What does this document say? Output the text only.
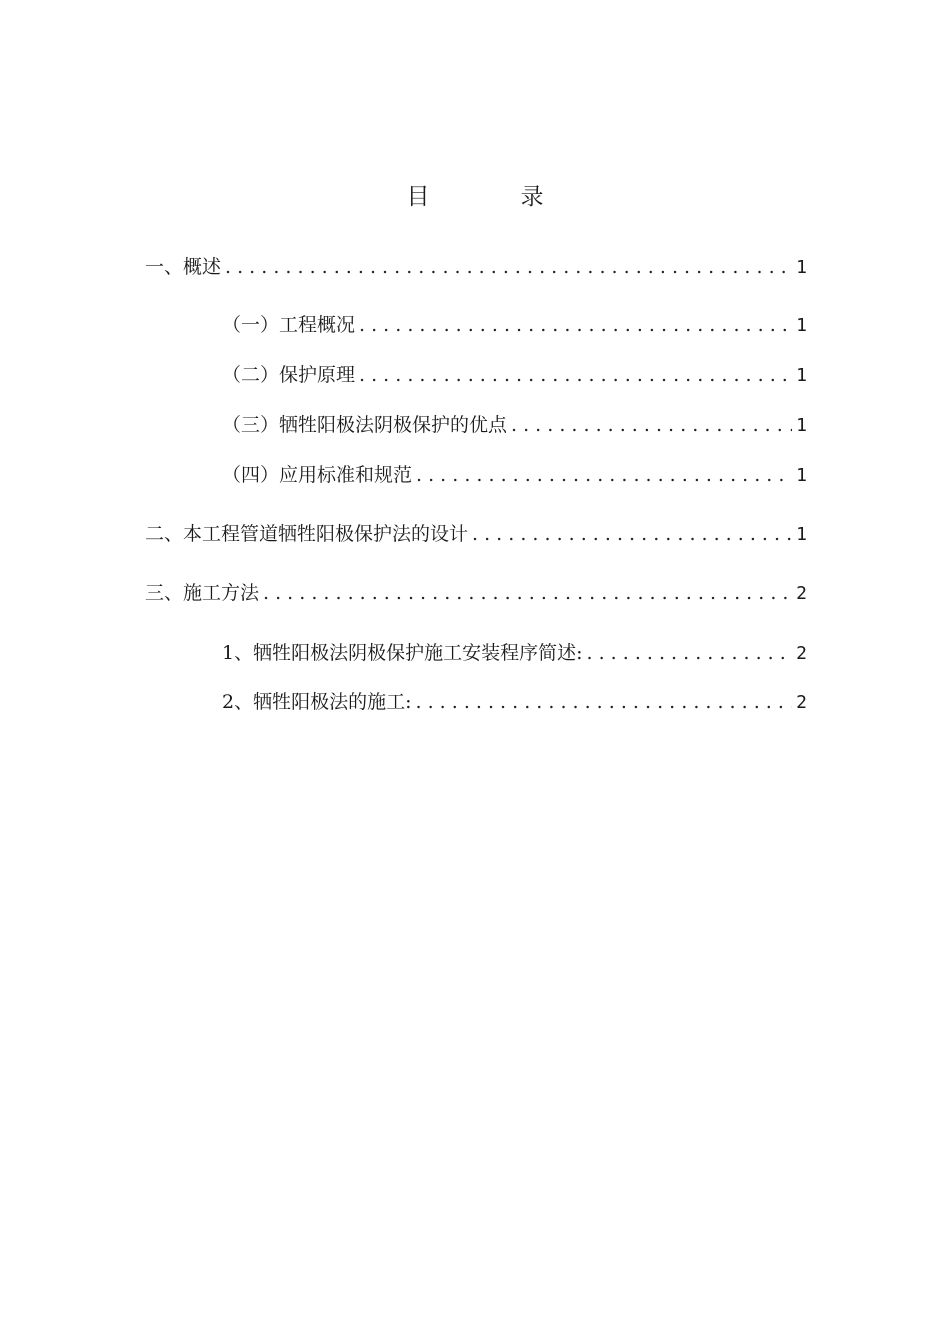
目　录
一、概述 . . .	1
（一）工程概况 . . .	1
（二）保护原理 . . .	1
（三）牺牲阳极法阴极保护的优点 . . .	1
（四）应用标准和规范 . . .	1
二、本工程管道牺牲阳极保护法的设计 . . .	1
三、施工方法 . . .	2
1、牺牲阳极法阴极保护施工安装程序简述: . . .	2
2、牺牲阳极法的施工: . . .	2
